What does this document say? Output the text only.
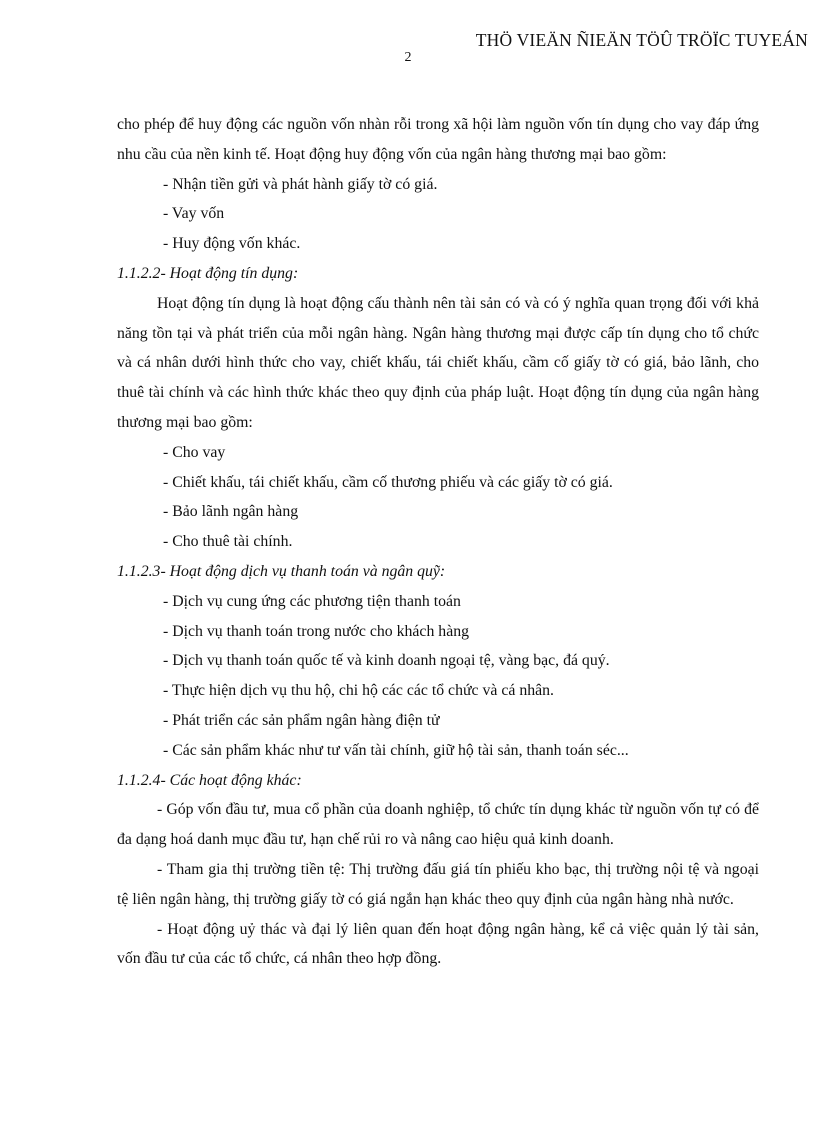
THÖ VIEÄN ÑIEÄN TÖÛ TRÖÏC TUYEÁN
2

cho phép để huy động các nguồn vốn nhàn rỗi trong xã hội làm nguồn vốn tín dụng cho vay đáp ứng nhu cầu của nền kinh tế. Hoạt động huy động vốn của ngân hàng thương mại bao gồm:

- Nhận tiền gửi và phát hành giấy tờ có giá.

- Vay vốn

- Huy động vốn khác.

1.1.2.2- Hoạt động tín dụng:

Hoạt động tín dụng là hoạt động cấu thành nên tài sản có và có ý nghĩa quan trọng đối với khả năng tồn tại và phát triển của mỗi ngân hàng. Ngân hàng thương mại được cấp tín dụng cho tổ chức và cá nhân dưới hình thức cho vay, chiết khấu, tái chiết khấu, cầm cố giấy tờ có giá, bảo lãnh, cho thuê tài chính và các hình thức khác theo quy định của pháp luật. Hoạt động tín dụng của ngân hàng thương mại bao gồm:

- Cho vay

- Chiết khấu, tái chiết khấu, cầm cố thương phiếu và các giấy tờ có giá.

- Bảo lãnh ngân hàng

- Cho thuê tài chính.

1.1.2.3- Hoạt động dịch vụ thanh toán và ngân quỹ:

- Dịch vụ cung ứng các phương tiện thanh toán

- Dịch vụ thanh toán trong nước cho khách hàng

- Dịch vụ thanh toán quốc tế và kinh doanh ngoại tệ, vàng bạc, đá quý.

- Thực hiện dịch vụ thu hộ, chi hộ các các tổ chức và cá nhân.

- Phát triển các sản phẩm ngân hàng điện tử

- Các sản phẩm khác như tư vấn tài chính, giữ hộ tài sản, thanh toán séc...

1.1.2.4- Các hoạt động khác:

- Góp vốn đầu tư, mua cổ phần của doanh nghiệp, tổ chức tín dụng khác từ nguồn vốn tự có để đa dạng hoá danh mục đầu tư, hạn chế rủi ro và nâng cao hiệu quả kinh doanh.

- Tham gia thị trường tiền tệ: Thị trường đấu giá tín phiếu kho bạc, thị trường nội tệ và ngoại tệ liên ngân hàng, thị trường giấy tờ có giá ngắn hạn khác theo quy định của ngân hàng nhà nước.

- Hoạt động uỷ thác và đại lý liên quan đến hoạt động ngân hàng, kể cả việc quản lý tài sản, vốn đầu tư của các tổ chức, cá nhân theo hợp đồng.
